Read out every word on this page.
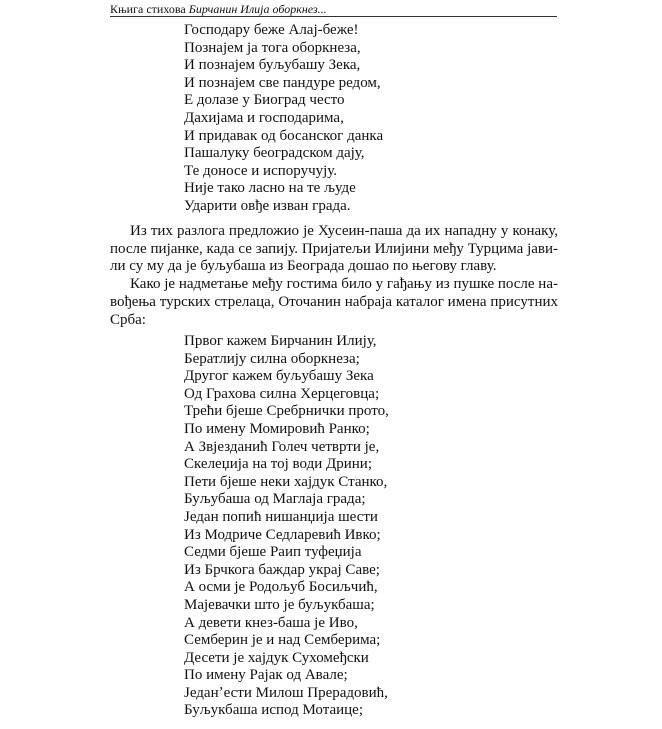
Књига стихова Бирчанин Илија оборкнез...
Господару беже Алај-беже!
Познајем ја тога оборкнеза,
И познајем буљубашу Зека,
И познајем све пандуре редом,
Е долазе у Биоград често
Дахијама и господарима,
И придавак од босанског данка
Пашалуку београдском дају,
Те доносе и испоручују.
Није тако ласно на те људе
Ударити овђе изван града.

Из тих разлога предложио је Хусеин-паша да их нападну у конаку,
после пијанке, када се запију. Пријатељи Илијини међу Турцима јави-
ли су му да је буљубаша из Београда дошао по његову главу.

Како је надметање међу гостима било у гађању из пушке после на-
вођења турских стрелаца, Оточанин набраја каталог имена присутних
Срба:

Првог кажем Бирчанин Илију,
Бератлију силна оборкнеза;
Другог кажем буљубашу Зека
Од Грахова силна Херцеговца;
Трећи бјеше Сребрнички прото,
По имену Момировић Ранко;
А Звјезданић Голеч четврти је,
Скелеџија на тој води Дрини;
Пети бјеше неки хајдук Станко,
Буљубаша од Маглаја града;
Један попић нишанџија шести
Из Модриче Седларевић Ивко;
Седми бјеше Раип туфеџија
Из Брчкога баждар украј Саве;
А осми је Родољуб Босиљчић,
Мајевачки што је буљукбаша;
А девети кнез-баша је Иво,
Семберин је и над Семберима;
Десети је хајдук Сухомеђски
По имену Рајак од Авале;
Једанʼести Милош Прерадовић,
Буљукбаша испод Мотаице;
